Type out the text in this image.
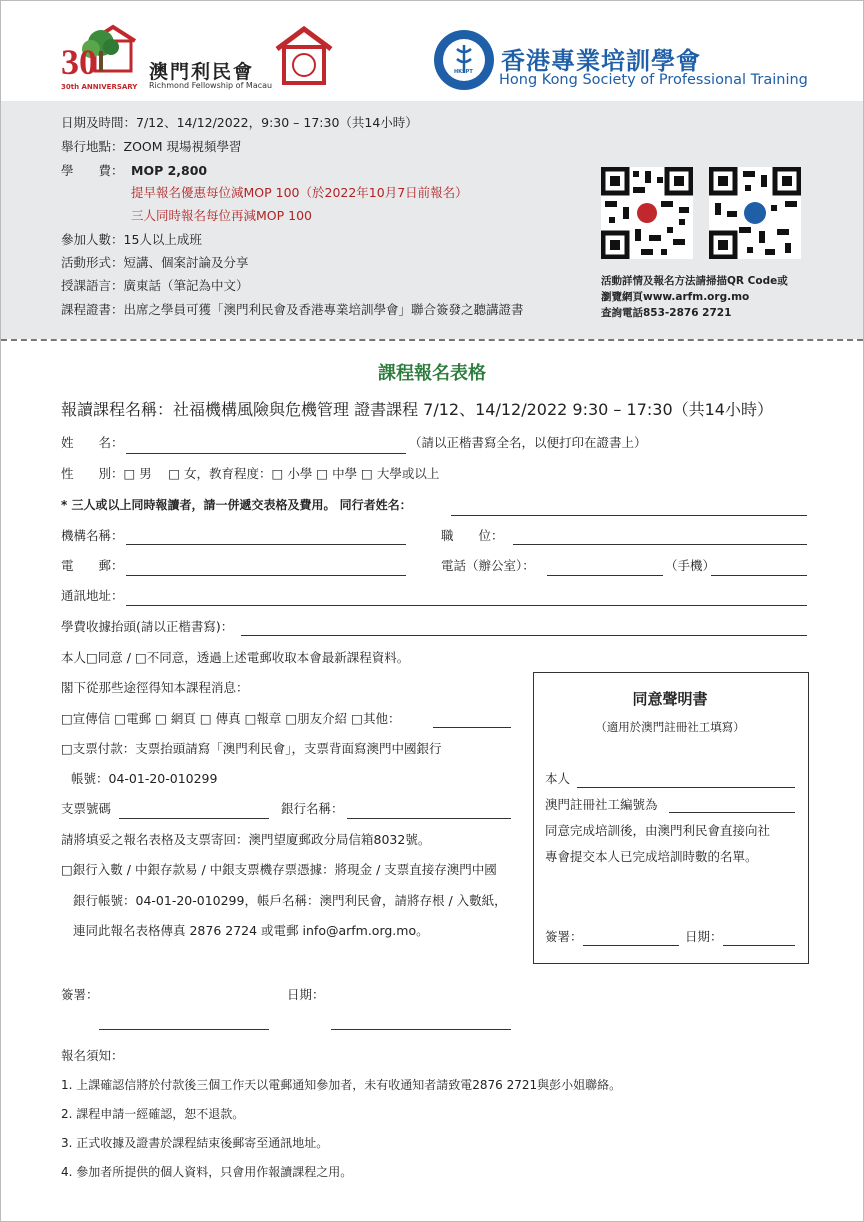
30
30th ANNIVERSARY
澳門利民會
Richmond Fellowship of Macau
HKSPT 香港專業培訓學會
Hong Kong Society of Professional Training
日期及時間：7/12、14/12/2022，9:30 – 17:30（共14小時）
舉行地點：ZOOM 現場視頻學習
學　　費： MOP 2,800
提早報名優惠每位減MOP 100（於2022年10月7日前報名）
三人同時報名每位再減MOP 100
參加人數：15人以上成班
活動形式：短講、個案討論及分享
授課語言：廣東話（筆記為中文）
課程證書：出席之學員可獲「澳門利民會及香港專業培訓學會」聯合簽發之聽講證書
活動詳情及報名方法請掃描QR Code或
瀏覽網頁www.arfm.org.mo
查詢電話853-2876 2721
課程報名表格
報讀課程名稱：社福機構風險與危機管理 證書課程 7/12、14/12/2022 9:30 – 17:30（共14小時）
姓　　名：	（請以正楷書寫全名，以便打印在證書上）
性　　別：□ 男　 □ 女，教育程度：□ 小學 □ 中學 □ 大學或以上
* 三人或以上同時報讀者，請一併遞交表格及費用。 同行者姓名：
機構名稱：	職　　位：
電　　郵：	電話（辦公室）：	（手機）
通訊地址：
學費收據抬頭(請以正楷書寫)：
本人□同意 / □不同意，透過上述電郵收取本會最新課程資料。
閣下從那些途徑得知本課程消息：
□宣傳信 □電郵 □ 網頁 □ 傳真 □報章 □朋友介紹 □其他：
□支票付款：支票抬頭請寫「澳門利民會」，支票背面寫澳門中國銀行
帳號：04-01-20-010299
支票號碼	銀行名稱：
請將填妥之報名表格及支票寄回：澳門望廈郵政分局信箱8032號。
□銀行入數 / 中銀存款易 / 中銀支票機存票憑據：將現金 / 支票直接存澳門中國
銀行帳號：04-01-20-010299，帳戶名稱：澳門利民會，請將存根 / 入數紙，
連同此報名表格傳真 2876 2724 或電郵 info@arfm.org.mo。
簽署：	日期：
同意聲明書
（適用於澳門註冊社工填寫）
本人
澳門註冊社工編號為
同意完成培訓後，由澳門利民會直接向社
專會提交本人已完成培訓時數的名單。
簽署：	日期：
報名須知：
1. 上課確認信將於付款後三個工作天以電郵通知參加者，未有收通知者請致電2876 2721與彭小姐聯絡。
2. 課程申請一經確認，恕不退款。
3. 正式收據及證書於課程結束後郵寄至通訊地址。
4. 參加者所提供的個人資料，只會用作報讀課程之用。
